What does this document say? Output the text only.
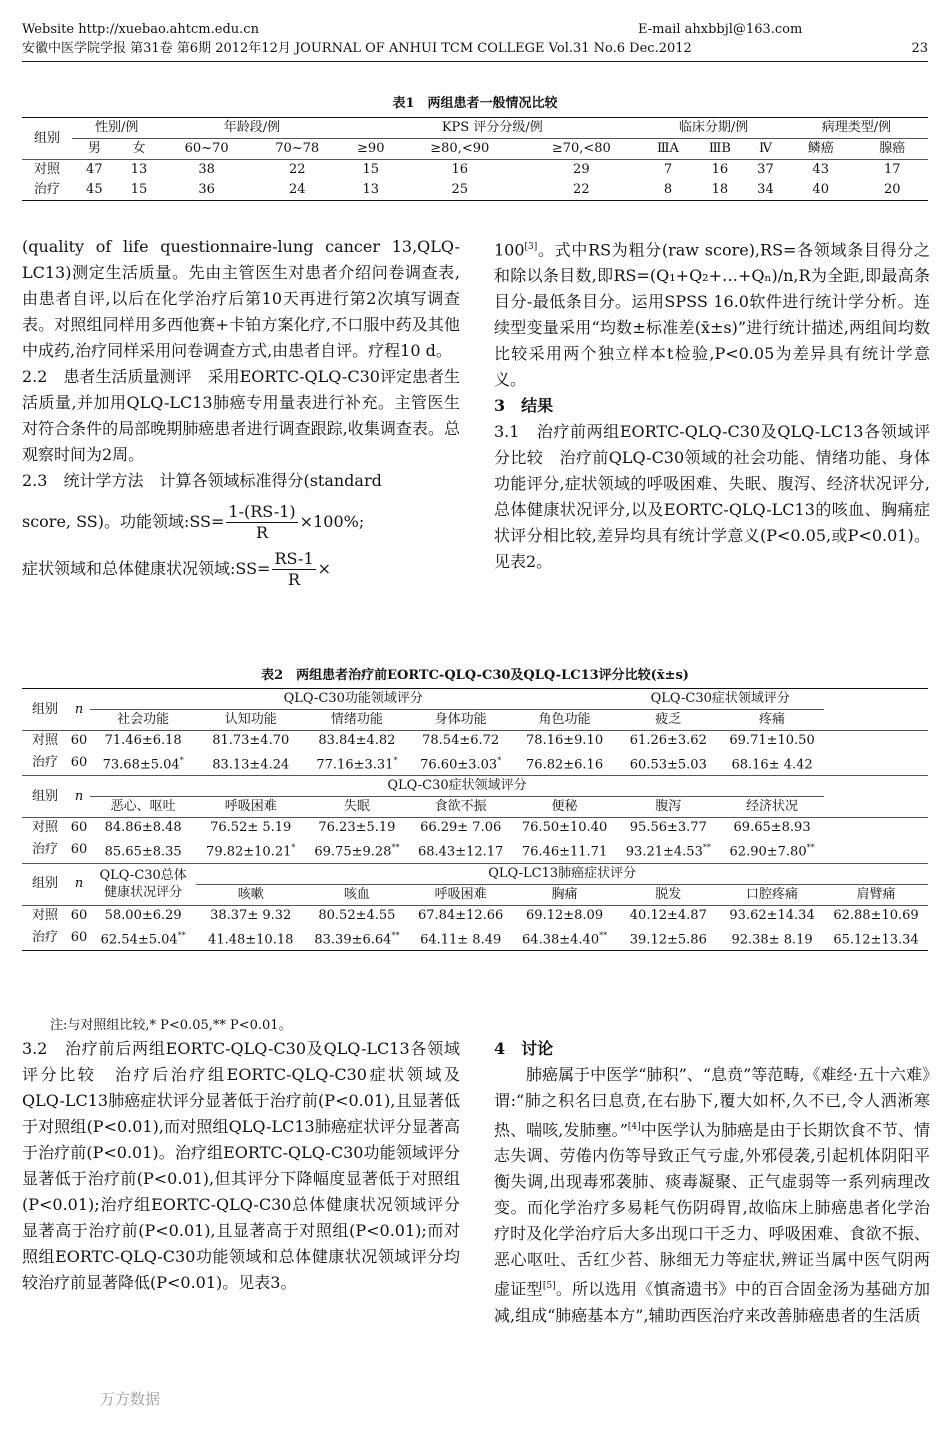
Website http://xuebao.ahtcm.edu.cn	E-mail ahxbbjl@163.com
安徽中医学院学报 第31卷 第6期 2012年12月 JOURNAL OF ANHUI TCM COLLEGE Vol.31 No.6 Dec.2012	23
表1　两组患者一般情况比较
组别	性别/例		年龄段/例		KPS 评分分级/例			临床分期/例			病理类型/例	
	男	女	60~70	70~78	≥90	≥80,<90	≥70,<80	ⅢA	ⅢB	Ⅳ	鳞癌	腺癌
对照	47	13	38	22	15	16	29	7	16	37	43	17
治疗	45	15	36	24	13	25	22	8	18	34	40	20

(quality of life questionnaire-lung cancer 13,QLQ-LC13)测定生活质量。先由主管医生对患者介绍问卷调查表,由患者自评,以后在化学治疗后第10天再进行第2次填写调查表。对照组同样用多西他赛+卡铂方案化疗,不口服中药及其他中成药,治疗同样采用问卷调查方式,由患者自评。疗程10 d。

2.2　患者生活质量测评　采用EORTC-QLQ-C30评定患者生活质量,并加用QLQ-LC13肺癌专用量表进行补充。主管医生对符合条件的局部晚期肺癌患者进行调查跟踪,收集调查表。总观察时间为2周。

2.3　统计学方法　计算各领域标准得分(standard

score, SS)。功能领域:SS= $\frac{1-(RS-1)}{R} \times 100\%$;

症状领域和总体健康状况领域:SS= $\frac{RS-1}{R}$ ×

100[3]。式中RS为粗分(raw score),RS=各领域条目得分之和除以条目数,即RS=(Q₁+Q₂+…+Qₙ)/n,R为全距,即最高条目分-最低条目分。运用SPSS 16.0软件进行统计学分析。连续型变量采用“均数±标准差(x̄±s)”进行统计描述,两组间均数比较采用两个独立样本t检验,P<0.05为差异具有统计学意义。

3　结果

3.1　治疗前两组EORTC-QLQ-C30及QLQ-LC13各领域评分比较　治疗前QLQ-C30领域的社会功能、情绪功能、身体功能评分,症状领域的呼吸困难、失眠、腹泻、经济状况评分,总体健康状况评分,以及EORTC-QLQ-LC13的咳血、胸痛症状评分相比较,差异均具有统计学意义(P<0.05,或P<0.01)。见表2。

表2　两组患者治疗前EORTC-QLQ-C30及QLQ-LC13评分比较(x̄±s)
组别	n	QLQ-C30功能领域评分					QLQ-C30症状领域评分		
		社会功能	认知功能	情绪功能	身体功能	角色功能	疲乏	疼痛	
对照	60	71.46±6.18	81.73±4.70	83.84±4.82	78.54±6.72	78.16±9.10	61.26±3.62	69.71±10.50	
治疗	60	73.68±5.04*	83.13±4.24	77.16±3.31*	76.60±3.03*	76.82±6.16	60.53±5.03	68.16± 4.42	
组别	n	QLQ-C30症状领域评分							
		恶心、呕吐	呼吸困难	失眠	食欲不振	便秘	腹泻	经济状况	
对照	60	84.86±8.48	76.52± 5.19	76.23±5.19	66.29± 7.06	76.50±10.40	95.56±3.77	69.65±8.93	
治疗	60	85.65±8.35	79.82±10.21*	69.75±9.28**	68.43±12.17	76.46±11.71	93.21±4.53**	62.90±7.80**	
组别	n	QLQ-C30总体
健康状况评分	QLQ-LC13肺癌症状评分						
			咳嗽	咳血	呼吸困难	胸痛	脱发	口腔疼痛	肩臂痛
对照	60	58.00±6.29	38.37± 9.32	80.52±4.55	67.84±12.66	69.12±8.09	40.12±4.87	93.62±14.34	62.88±10.69
治疗	60	62.54±5.04**	41.48±10.18	83.39±6.64**	64.11± 8.49	64.38±4.40**	39.12±5.86	92.38± 8.19	65.12±13.34
注:与对照组比较,* P<0.05,** P<0.01。

3.2　治疗前后两组EORTC-QLQ-C30及QLQ-LC13各领域评分比较　治疗后治疗组EORTC-QLQ-C30症状领域及QLQ-LC13肺癌症状评分显著低于治疗前(P<0.01),且显著低于对照组(P<0.01),而对照组QLQ-LC13肺癌症状评分显著高于治疗前(P<0.01)。治疗组EORTC-QLQ-C30功能领域评分显著低于治疗前(P<0.01),但其评分下降幅度显著低于对照组(P<0.01);治疗组EORTC-QLQ-C30总体健康状况领域评分显著高于治疗前(P<0.01),且显著高于对照组(P<0.01);而对照组EORTC-QLQ-C30功能领域和总体健康状况领域评分均较治疗前显著降低(P<0.01)。见表3。

万方数据

4　讨论

肺癌属于中医学“肺积”、“息贲”等范畴,《难经·五十六难》谓:“肺之积名曰息贲,在右胁下,覆大如杯,久不已,令人洒淅寒热、喘咳,发肺壅。”[4]中医学认为肺癌是由于长期饮食不节、情志失调、劳倦内伤等导致正气亏虚,外邪侵袭,引起机体阴阳平衡失调,出现毒邪袭肺、痰毒凝聚、正气虚弱等一系列病理改变。而化学治疗多易耗气伤阴碍胃,故临床上肺癌患者化学治疗时及化学治疗后大多出现口干乏力、呼吸困难、食欲不振、恶心呕吐、舌红少苔、脉细无力等症状,辨证当属中医气阴两虚证型[5]。所以选用《慎斋遗书》中的百合固金汤为基础方加减,组成“肺癌基本方”,辅助西医治疗来改善肺癌患者的生活质
